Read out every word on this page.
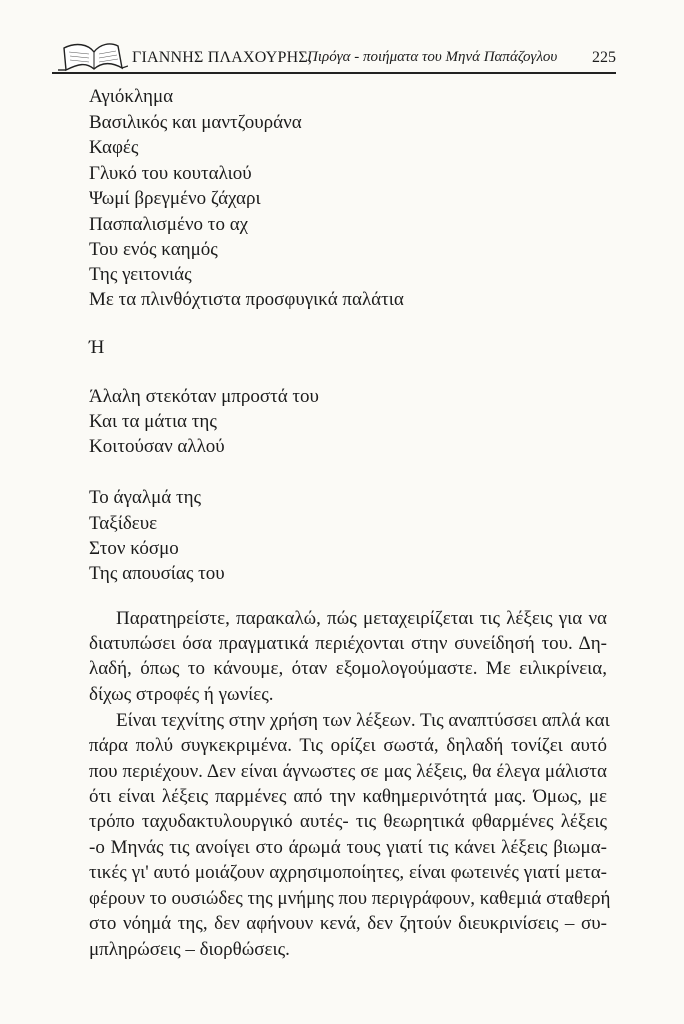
ΓΙΑΝΝΗΣ ΠΛΑΧΟΥΡΗΣ,
Πιρόγα - ποιήματα του Μηνά Παπάζογλου 225
Αγιόκλημα
Βασιλικός και μαντζουράνα
Καφές
Γλυκό του κουταλιού
Ψωμί βρεγμένο ζάχαρι
Πασπαλισμένο το αχ
Του ενός καημός
Της γειτονιάς
Με τα πλινθόχτιστα προσφυγικά παλάτια
Ή
Άλαλη στεκόταν μπροστά του
Και τα μάτια της
Κοιτούσαν αλλού
Το άγαλμά της
Ταξίδευε
Στον κόσμο
Της απουσίας του
Παρατηρείστε, παρακαλώ, πώς μεταχειρίζεται τις λέξεις για να
διατυπώσει όσα πραγματικά περιέχονται στην συνείδησή του. Δη-
λαδή, όπως το κάνουμε, όταν εξομολογούμαστε. Με ειλικρίνεια,
δίχως στροφές ή γωνίες.
Είναι τεχνίτης στην χρήση των λέξεων. Τις αναπτύσσει απλά και
πάρα πολύ συγκεκριμένα. Τις ορίζει σωστά, δηλαδή τονίζει αυτό
που περιέχουν. Δεν είναι άγνωστες σε μας λέξεις, θα έλεγα μάλιστα
ότι είναι λέξεις παρμένες από την καθημερινότητά μας. Όμως, με
τρόπο ταχυδακτυλουργικό αυτές- τις θεωρητικά φθαρμένες λέξεις
-ο Μηνάς τις ανοίγει στο άρωμά τους γιατί τις κάνει λέξεις βιωμα-
τικές γι' αυτό μοιάζουν αχρησιμοποίητες, είναι φωτεινές γιατί μετα-
φέρουν το ουσιώδες της μνήμης που περιγράφουν, καθεμιά σταθερή
στο νόημά της, δεν αφήνουν κενά, δεν ζητούν διευκρινίσεις – συ-
μπληρώσεις – διορθώσεις.
